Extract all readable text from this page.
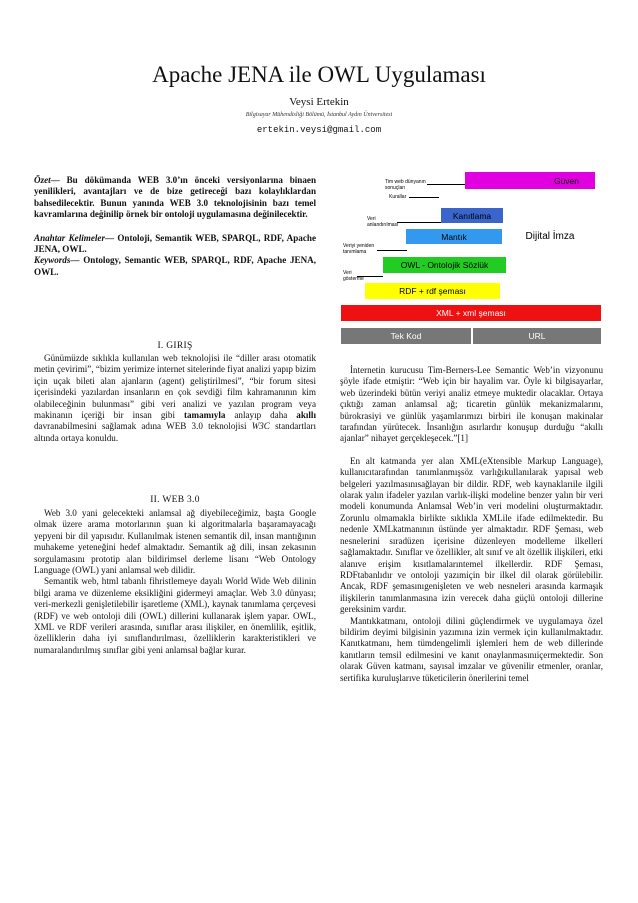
Apache JENA ile OWL Uygulaması
Veysi Ertekin
Bilgisayar Mühendisliği Bölümü, İstanbul Aydın Üniversitesi
ertekin.veysi@gmail.com

Özet— Bu dökümanda WEB 3.0’ın önceki versiyonlarına binaen yenilikleri, avantajları ve de bize getireceği bazı kolaylıklardan bahsedilecektir. Bunun yanında WEB 3.0 teknolojisinin bazı temel kavramlarına değinilip örnek bir ontoloji uygulamasına değinilecektir.

Anahtar Kelimeler— Ontoloji, Semantik WEB, SPARQL, RDF, Apache JENA, OWL.

Keywords— Ontology, Semantic WEB, SPARQL, RDF, Apache JENA, OWL.

I. GIRIŞ

Günümüzde sıklıkla kullanılan web teknolojisi ile “diller arası otomatik metin çevirimi”, “bizim yerimize internet sitelerinde fiyat analizi yapıp bizim için uçak bileti alan ajanların (agent) geliştirilmesi”, “bir forum sitesi içerisindeki yazılardan insanların en çok sevdiği film kahramanının kim olabileceğinin bulunması” gibi veri analizi ve yazılan program veya makinanın içeriği bir insan gibi tamamıyla anlayıp daha akıllı davranabilmesini sağlamak adına WEB 3.0 teknolojisi W3C standartları altında ortaya konuldu.

II. WEB 3.0

Web 3.0 yani gelecekteki anlamsal ağ diyebileceğimiz, başta Google olmak üzere arama motorlarının şuan ki algoritmalarla başaramayacağı yepyeni bir dil yapısıdır. Kullanılmak istenen semantik dil, insan mantığının muhakeme yeteneğini hedef almaktadır. Semantik ağ dili, insan zekasının sorgulamasını prototip alan bildirimsel derleme lisanı “Web Ontology Language (OWL) yani anlamsal web dilidir.

Semantik web, html tabanlı fihristlemeye dayalı World Wide Web dilinin bilgi arama ve düzenleme eksikliğini gidermeyi amaçlar. Web 3.0 dünyası; veri-merkezli genişletilebilir işaretleme (XML), kaynak tanımlama çerçevesi (RDF) ve web ontoloji dili (OWL) dillerini kullanarak işlem yapar. OWL, XML ve RDF verileri arasında, sınıflar arası ilişkiler, en önemlilik, eşitlik, özelliklerin daha iyi sınıflandırılması, özelliklerin karakteristikleri ve numaralandırılmış sınıflar gibi yeni anlamsal bağlar kurar.

Güven
Kanıtlama
Mantık	Dijital İmza
OWL - Ontolojik Sözlük
RDF + rdf şeması
XML + xml şeması
Tek Kod	URL
Tim web dünyanın sonuçları
Kurallar
Veri anlandırılması
Veriyi yeniden tanımlama
Veri gösterme

İnternetin kurucusu Tim-Berners-Lee Semantic Web’in vizyonunu şöyle ifade etmiştir: “Web için bir hayalim var. Öyle ki bilgisayarlar, web üzerindeki bütün veriyi analiz etmeye muktedir olacaklar. Ortaya çıktığı zaman anlamsal ağ; ticaretin günlük mekanizmalarını, bürokrasiyi ve günlük yaşamlarımızı birbiri ile konuşan makinalar tarafından yürütecek. İnsanlığın asırlardır konuşup durduğu “akıllı ajanlar” nihayet gerçekleşecek.”[1]

En alt katmanda yer alan XML(eXtensible Markup Language), kullanıcıtarafından tanımlanmışsöz varlığıkullanılarak yapısal web belgeleri yazılmasınısağlayan bir dildir. RDF, web kaynaklarıile ilgili olarak yalın ifadeler yazılan varlık-ilişki modeline benzer yalın bir veri modeli konumunda Anlamsal Web’in veri modelini oluşturmaktadır. Zorunlu olmamakla birlikte sıklıkla XMLile ifade edilmektedir. Bu nedenle XMLkatmanının üstünde yer almaktadır. RDF Şeması, web nesnelerini sıradüzen içerisine düzenleyen modelleme ilkelleri sağlamaktadır. Sınıflar ve özellikler, alt sınıf ve alt özellik ilişkileri, etki alanıve erişim kısıtlamalarıntemel ilkellerdir. RDF Şeması, RDFtabanlıdır ve ontoloji yazımiçin bir ilkel dil olarak görülebilir. Ancak, RDF şemasınıgenişleten ve web nesneleri arasında karmaşık ilişkilerin tanımlanmasına izin verecek daha güçlü ontoloji dillerine gereksinim vardır.

Mantıkkatmanı, ontoloji dilini güçlendirmek ve uygulamaya özel bildirim deyimi bilgisinin yazımına izin vermek için kullanılmaktadır. Kanıtkatmanı, hem tümdengelimli işlemleri hem de web dillerinde kanıtların temsil edilmesini ve kanıt onaylanmasınıiçermektedir. Son olarak Güven katmanı, sayısal imzalar ve güvenilir etmenler, oranlar, sertifika kuruluşlarıve tüketicilerin önerilerini temel
